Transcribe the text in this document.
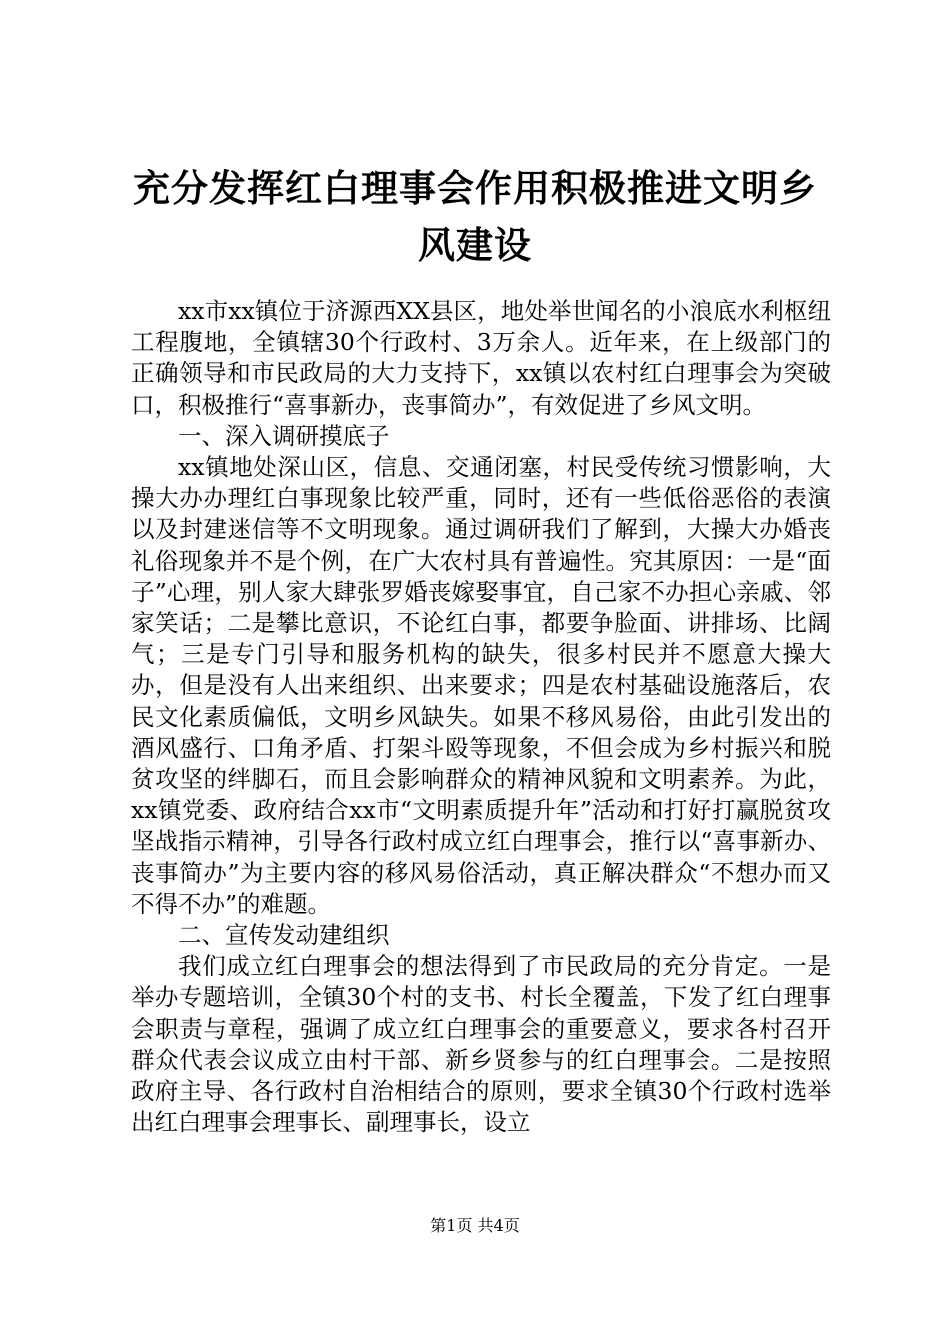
充分发挥红白理事会作用积极推进文明乡风建设

xx市xx镇位于济源西XX县区，地处举世闻名的小浪底水利枢纽工程腹地，全镇辖30个行政村、3万余人。近年来，在上级部门的正确领导和市民政局的大力支持下，xx镇以农村红白理事会为突破口，积极推行“喜事新办，丧事简办”，有效促进了乡风文明。

一、深入调研摸底子

xx镇地处深山区，信息、交通闭塞，村民受传统习惯影响，大操大办办理红白事现象比较严重，同时，还有一些低俗恶俗的表演以及封建迷信等不文明现象。通过调研我们了解到，大操大办婚丧礼俗现象并不是个例，在广大农村具有普遍性。究其原因：一是“面子”心理，别人家大肆张罗婚丧嫁娶事宜，自己家不办担心亲戚、邻家笑话；二是攀比意识，不论红白事，都要争脸面、讲排场、比阔气；三是专门引导和服务机构的缺失，很多村民并不愿意大操大办，但是没有人出来组织、出来要求；四是农村基础设施落后，农民文化素质偏低，文明乡风缺失。如果不移风易俗，由此引发出的酒风盛行、口角矛盾、打架斗殴等现象，不但会成为乡村振兴和脱贫攻坚的绊脚石，而且会影响群众的精神风貌和文明素养。为此，xx镇党委、政府结合xx市“文明素质提升年”活动和打好打赢脱贫攻坚战指示精神，引导各行政村成立红白理事会，推行以“喜事新办、丧事简办”为主要内容的移风易俗活动，真正解决群众“不想办而又不得不办”的难题。

二、宣传发动建组织

我们成立红白理事会的想法得到了市民政局的充分肯定。一是举办专题培训，全镇30个村的支书、村长全覆盖，下发了红白理事会职责与章程，强调了成立红白理事会的重要意义，要求各村召开群众代表会议成立由村干部、新乡贤参与的红白理事会。二是按照政府主导、各行政村自治相结合的原则，要求全镇30个行政村选举出红白理事会理事长、副理事长，设立

第1页 共4页
